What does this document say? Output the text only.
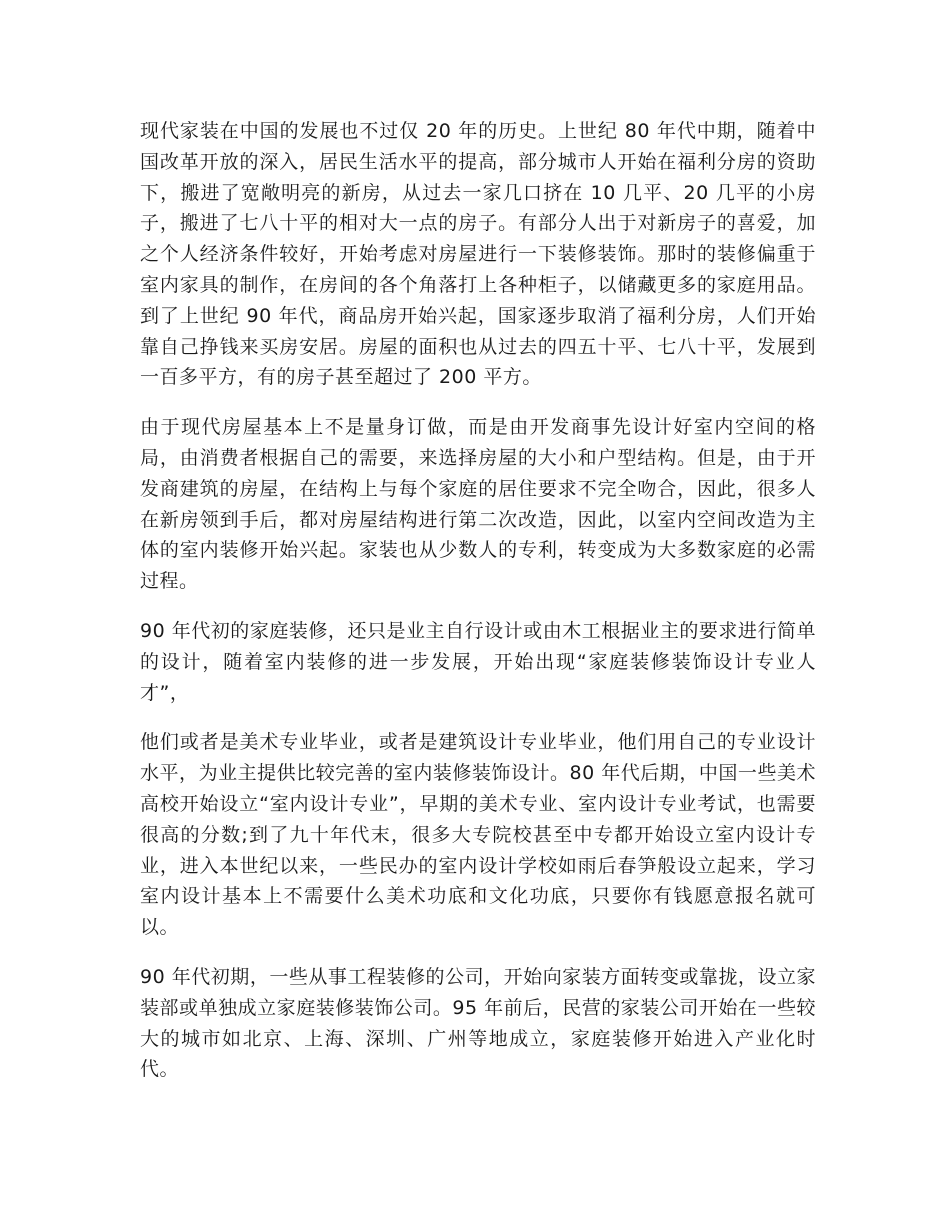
现代家装在中国的发展也不过仅 20 年的历史。上世纪 80 年代中期，随着中国改革开放的深入，居民生活水平的提高，部分城市人开始在福利分房的资助下，搬进了宽敞明亮的新房，从过去一家几口挤在 10 几平、20 几平的小房子，搬进了七八十平的相对大一点的房子。有部分人出于对新房子的喜爱，加之个人经济条件较好，开始考虑对房屋进行一下装修装饰。那时的装修偏重于室内家具的制作，在房间的各个角落打上各种柜子，以储藏更多的家庭用品。到了上世纪 90 年代，商品房开始兴起，国家逐步取消了福利分房，人们开始靠自己挣钱来买房安居。房屋的面积也从过去的四五十平、七八十平，发展到一百多平方，有的房子甚至超过了 200 平方。

由于现代房屋基本上不是量身订做，而是由开发商事先设计好室内空间的格局，由消费者根据自己的需要，来选择房屋的大小和户型结构。但是，由于开发商建筑的房屋，在结构上与每个家庭的居住要求不完全吻合，因此，很多人在新房领到手后，都对房屋结构进行第二次改造，因此，以室内空间改造为主体的室内装修开始兴起。家装也从少数人的专利，转变成为大多数家庭的必需过程。

90 年代初的家庭装修，还只是业主自行设计或由木工根据业主的要求进行简单的设计，随着室内装修的进一步发展，开始出现“家庭装修装饰设计专业人才”，

他们或者是美术专业毕业，或者是建筑设计专业毕业，他们用自己的专业设计水平，为业主提供比较完善的室内装修装饰设计。80 年代后期，中国一些美术高校开始设立“室内设计专业”，早期的美术专业、室内设计专业考试，也需要很高的分数;到了九十年代末，很多大专院校甚至中专都开始设立室内设计专业，进入本世纪以来，一些民办的室内设计学校如雨后春笋般设立起来，学习室内设计基本上不需要什么美术功底和文化功底，只要你有钱愿意报名就可以。

90 年代初期，一些从事工程装修的公司，开始向家装方面转变或靠拢，设立家装部或单独成立家庭装修装饰公司。95 年前后，民营的家装公司开始在一些较大的城市如北京、上海、深圳、广州等地成立，家庭装修开始进入产业化时代。
